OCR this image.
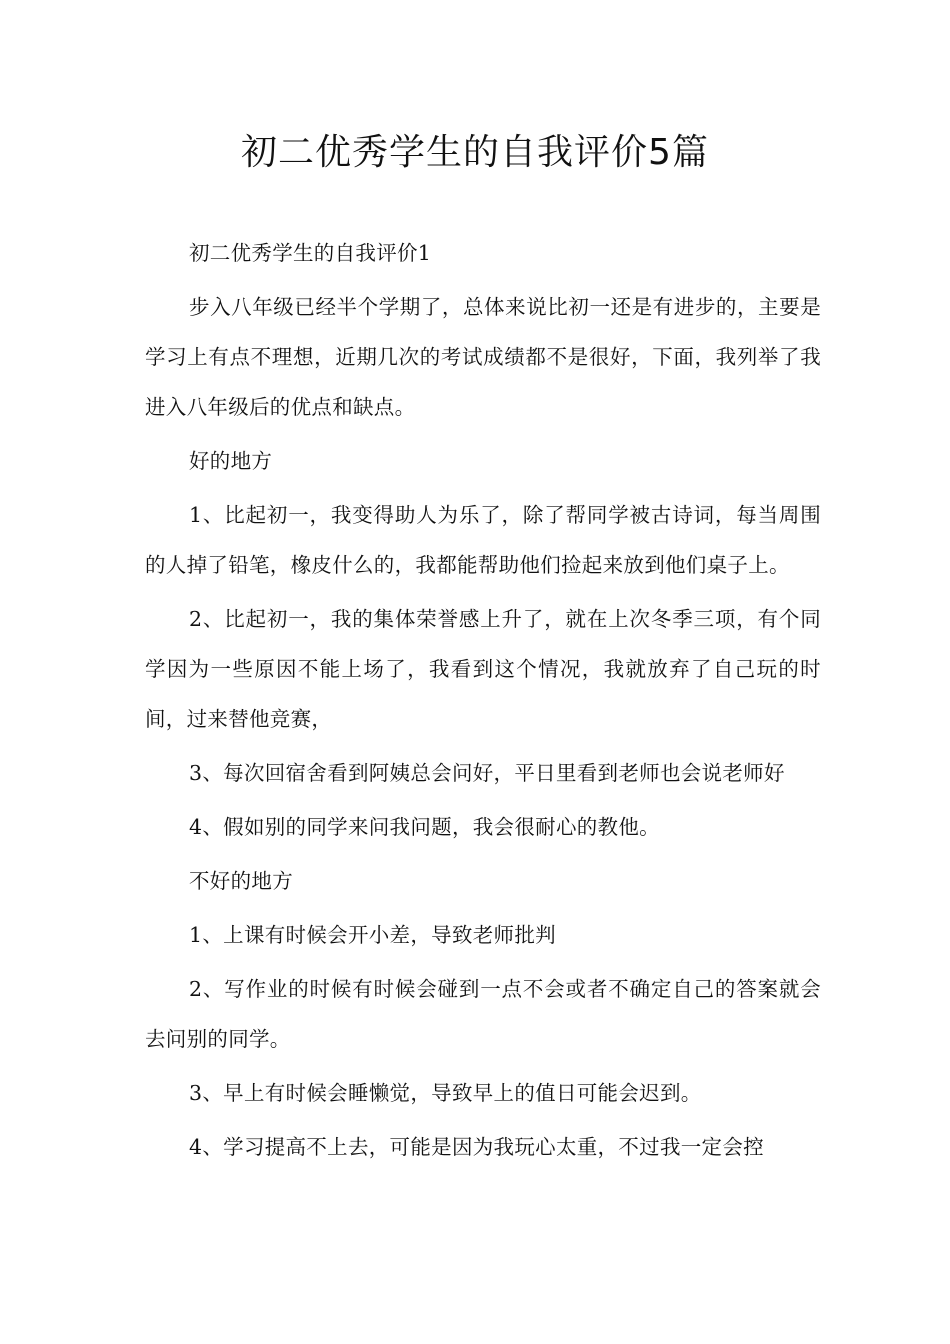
初二优秀学生的自我评价5篇

初二优秀学生的自我评价1

步入八年级已经半个学期了，总体来说比初一还是有进步的，主要是学习上有点不理想，近期几次的考试成绩都不是很好，下面，我列举了我进入八年级后的优点和缺点。

好的地方

1、比起初一，我变得助人为乐了，除了帮同学被古诗词，每当周围的人掉了铅笔，橡皮什么的，我都能帮助他们捡起来放到他们桌子上。

2、比起初一，我的集体荣誉感上升了，就在上次冬季三项，有个同学因为一些原因不能上场了，我看到这个情况，我就放弃了自己玩的时间，过来替他竞赛，

3、每次回宿舍看到阿姨总会问好，平日里看到老师也会说老师好

4、假如别的同学来问我问题，我会很耐心的教他。

不好的地方

1、上课有时候会开小差，导致老师批判

2、写作业的时候有时候会碰到一点不会或者不确定自己的答案就会去问别的同学。

3、早上有时候会睡懒觉，导致早上的值日可能会迟到。

4、学习提高不上去，可能是因为我玩心太重，不过我一定会控
